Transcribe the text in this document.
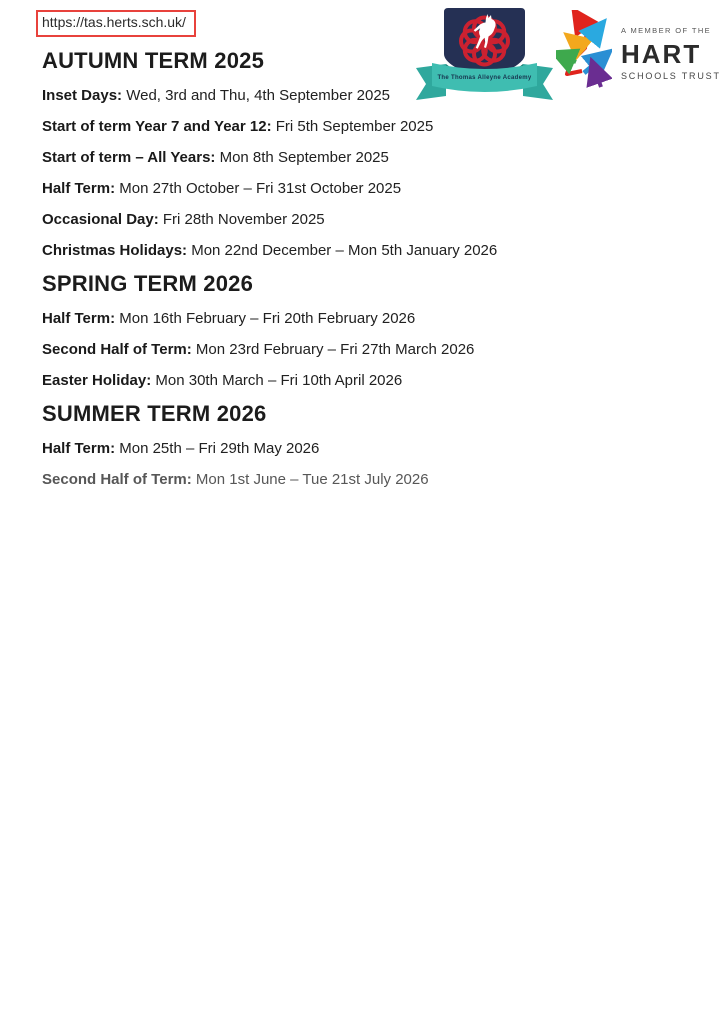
https://tas.herts.sch.uk/
AUTUMN TERM 2025

Inset Days: Wed, 3rd and Thu, 4th September 2025

Start of term Year 7 and Year 12: Fri 5th September 2025

Start of term – All Years: Mon 8th September 2025

Half Term: Mon 27th October – Fri 31st October 2025

Occasional Day: Fri 28th November 2025

Christmas Holidays: Mon 22nd December – Mon 5th January 2026

SPRING TERM 2026

Half Term: Mon 16th February – Fri 20th February 2026

Second Half of Term: Mon 23rd February – Fri 27th March 2026

Easter Holiday: Mon 30th March – Fri 10th April 2026

SUMMER TERM 2026

Half Term: Mon 25th – Fri 29th May 2026

Second Half of Term: Mon 1st June – Tue 21st July 2026

The Thomas Alleyne Academy
A MEMBER OF THE
HART
SCHOOLS TRUST
